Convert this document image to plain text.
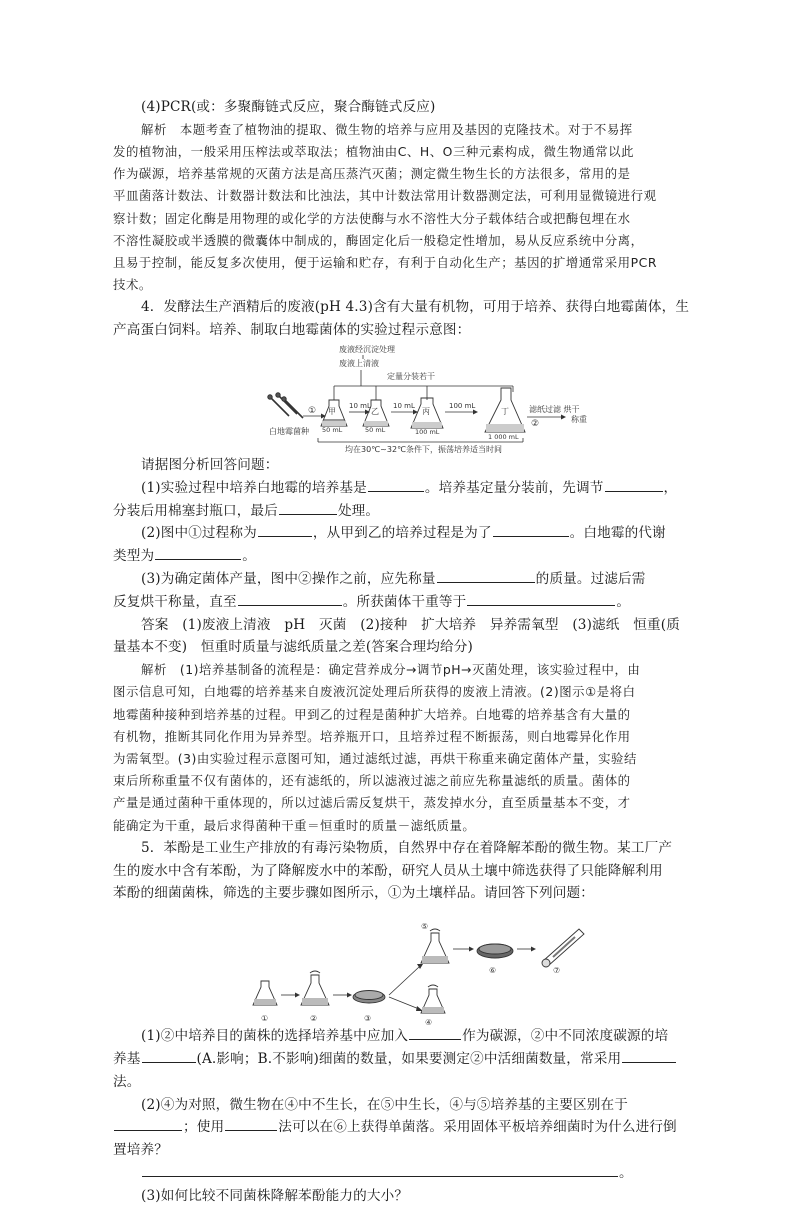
(4)PCR(或：多聚酶链式反应，聚合酶链式反应)
解析　本题考查了植物油的提取、微生物的培养与应用及基因的克隆技术。对于不易挥
发的植物油，一般采用压榨法或萃取法；植物油由C、H、O三种元素构成，微生物通常以此
作为碳源，培养基常规的灭菌方法是高压蒸汽灭菌；测定微生物生长的方法很多，常用的是
平皿菌落计数法、计数器计数法和比浊法，其中计数法常用计数器测定法，可利用显微镜进行观
察计数；固定化酶是用物理的或化学的方法使酶与水不溶性大分子载体结合或把酶包埋在水
不溶性凝胶或半透膜的微囊体中制成的，酶固定化后一般稳定性增加，易从反应系统中分离，
且易于控制，能反复多次使用，便于运输和贮存，有利于自动化生产；基因的扩增通常采用PCR
技术。
4．发酵法生产酒精后的废液(pH 4.3)含有大量有机物，可用于培养、获得白地霉菌体，生
产高蛋白饲料。培养、制取白地霉菌体的实验过程示意图：
废液经沉淀处理
废液上清液
定量分装若干
白地霉菌种
① 甲
50 mL
10 mL
乙
50 mL
10 mL
丙
100 mL
100 mL
丁
1 000 mL
滤纸过滤 烘干
②	称重
均在30℃~32℃条件下，振荡培养适当时间
请据图分析回答问题：
(1)实验过程中培养白地霉的培养基是	。培养基定量分装前，先调节	，
分装后用棉塞封瓶口，最后	处理。
(2)图中①过程称为	，从甲到乙的培养过程是为了	。白地霉的代谢
类型为	。
(3)为确定菌体产量，图中②操作之前，应先称量	的质量。过滤后需
反复烘干称量，直至	。所获菌体干重等于	。
答案　(1)废液上清液　pH　灭菌　(2)接种　扩大培养　异养需氧型　(3)滤纸　恒重(质
量基本不变)　恒重时质量与滤纸质量之差(答案合理均给分)
解析　(1)培养基制备的流程是：确定营养成分→调节pH→灭菌处理，该实验过程中，由
图示信息可知，白地霉的培养基来自废液沉淀处理后所获得的废液上清液。(2)图示①是将白
地霉菌种接种到培养基的过程。甲到乙的过程是菌种扩大培养。白地霉的培养基含有大量的
有机物，推断其同化作用为异养型。培养瓶开口，且培养过程不断振荡，则白地霉异化作用
为需氧型。(3)由实验过程示意图可知，通过滤纸过滤，再烘干称重来确定菌体产量，实验结
束后所称重量不仅有菌体的，还有滤纸的，所以滤液过滤之前应先称量滤纸的质量。菌体的
产量是通过菌种干重体现的，所以过滤后需反复烘干，蒸发掉水分，直至质量基本不变，才
能确定为干重，最后求得菌种干重＝恒重时的质量－滤纸质量。
5．苯酚是工业生产排放的有毒污染物质，自然界中存在着降解苯酚的微生物。某工厂产
生的废水中含有苯酚，为了降解废水中的苯酚，研究人员从土壤中筛选获得了只能降解利用
苯酚的细菌菌株，筛选的主要步骤如图所示，①为土壤样品。请回答下列问题：
①	②	③
⑤
④
⑥	⑦
(1)②中培养目的菌株的选择培养基中应加入	作为碳源，②中不同浓度碳源的培
养基	(A.影响；B.不影响)细菌的数量，如果要测定②中活细菌数量，常采用
法。
(2)④为对照，微生物在④中不生长，在⑤中生长，④与⑤培养基的主要区别在于
；使用	法可以在⑥上获得单菌落。采用固体平板培养细菌时为什么进行倒
置培养？
。
(3)如何比较不同菌株降解苯酚能力的大小？
